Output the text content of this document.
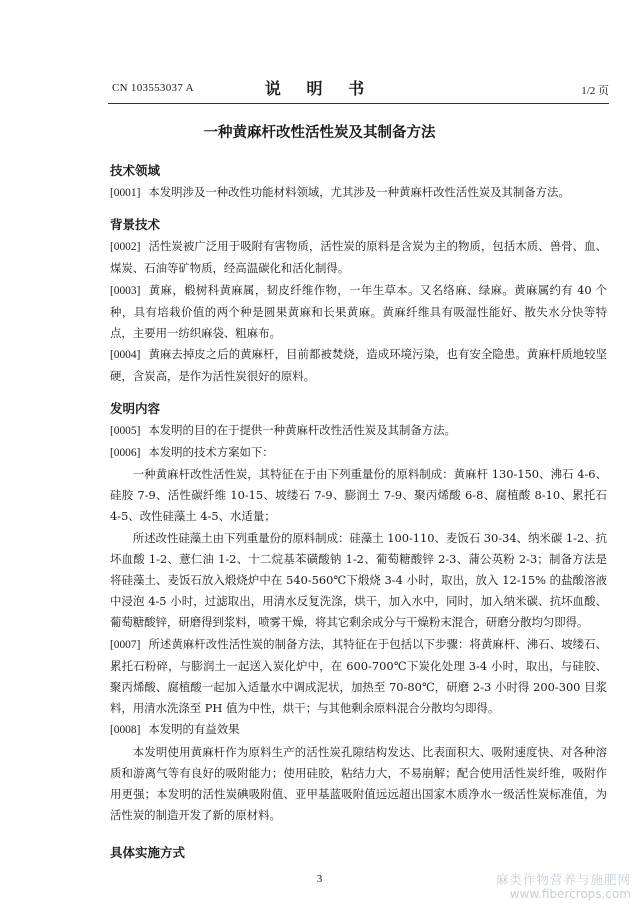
CN 103553037 A	说 明 书	1/2 页
一种黄麻杆改性活性炭及其制备方法
技术领域

[0001] 本发明涉及一种改性功能材料领域，尤其涉及一种黄麻杆改性活性炭及其制备方法。

背景技术

[0002] 活性炭被广泛用于吸附有害物质，活性炭的原料是含炭为主的物质，包括木质、兽骨、血、煤炭、石油等矿物质，经高温碳化和活化制得。

[0003] 黄麻，椴树科黄麻属，韧皮纤维作物，一年生草本。又名络麻、绿麻。黄麻属约有 40 个种，具有培栽价值的两个种是圆果黄麻和长果黄麻。黄麻纤维具有吸湿性能好、散失水分快等特点，主要用一纺织麻袋、粗麻布。

[0004] 黄麻去掉皮之后的黄麻杆，目前都被焚烧，造成环境污染，也有安全隐患。黄麻杆质地较坚硬，含炭高，是作为活性炭很好的原料。

发明内容

[0005] 本发明的目的在于提供一种黄麻杆改性活性炭及其制备方法。

[0006] 本发明的技术方案如下：

一种黄麻杆改性活性炭，其特征在于由下列重量份的原料制成：黄麻杆 130-150、沸石 4-6、硅胶 7-9、活性碳纤维 10-15、坡缕石 7-9、膨润土 7-9、聚丙烯酸 6-8、腐植酸 8-10、累托石 4-5、改性硅藻土 4-5、水适量；

所述改性硅藻土由下列重量份的原料制成：硅藻土 100-110、麦饭石 30-34、纳米碳 1-2、抗坏血酸 1-2、薏仁油 1-2、十二烷基苯磺酸钠 1-2、葡萄糖酸锌 2-3、蒲公英粉 2-3；制备方法是将硅藻土、麦饭石放入煅烧炉中在 540-560℃下煅烧 3-4 小时，取出，放入 12-15% 的盐酸溶液中浸泡 4-5 小时，过滤取出，用清水反复洗涤，烘干，加入水中，同时，加入纳米碳、抗坏血酸、葡萄糖酸锌，研磨得到浆料，喷雾干燥，将其它剩余成分与干燥粉末混合，研磨分散均匀即得。

[0007] 所述黄麻杆改性活性炭的制备方法，其特征在于包括以下步骤：将黄麻杆、沸石、坡缕石、累托石粉碎，与膨润土一起送入炭化炉中，在 600-700℃下炭化处理 3-4 小时，取出，与硅胶、聚丙烯酸、腐植酸一起加入适量水中调成泥状，加热至 70-80℃，研磨 2-3 小时得 200-300 目浆料，用清水洗涤至 PH 值为中性，烘干；与其他剩余原料混合分散均匀即得。

[0008] 本发明的有益效果

本发明使用黄麻杆作为原料生产的活性炭孔隙结构发达、比表面积大、吸附速度快、对各种溶质和游离气等有良好的吸附能力；使用硅胶，粘结力大，不易崩解；配合使用活性炭纤维，吸附作用更强；本发明的活性炭碘吸附值、亚甲基蓝吸附值远远超出国家木质净水一级活性炭标准值，为活性炭的制造开发了新的原材料。

具体实施方式
3	麻类作物营养与施肥网
www.fibercrops.com
